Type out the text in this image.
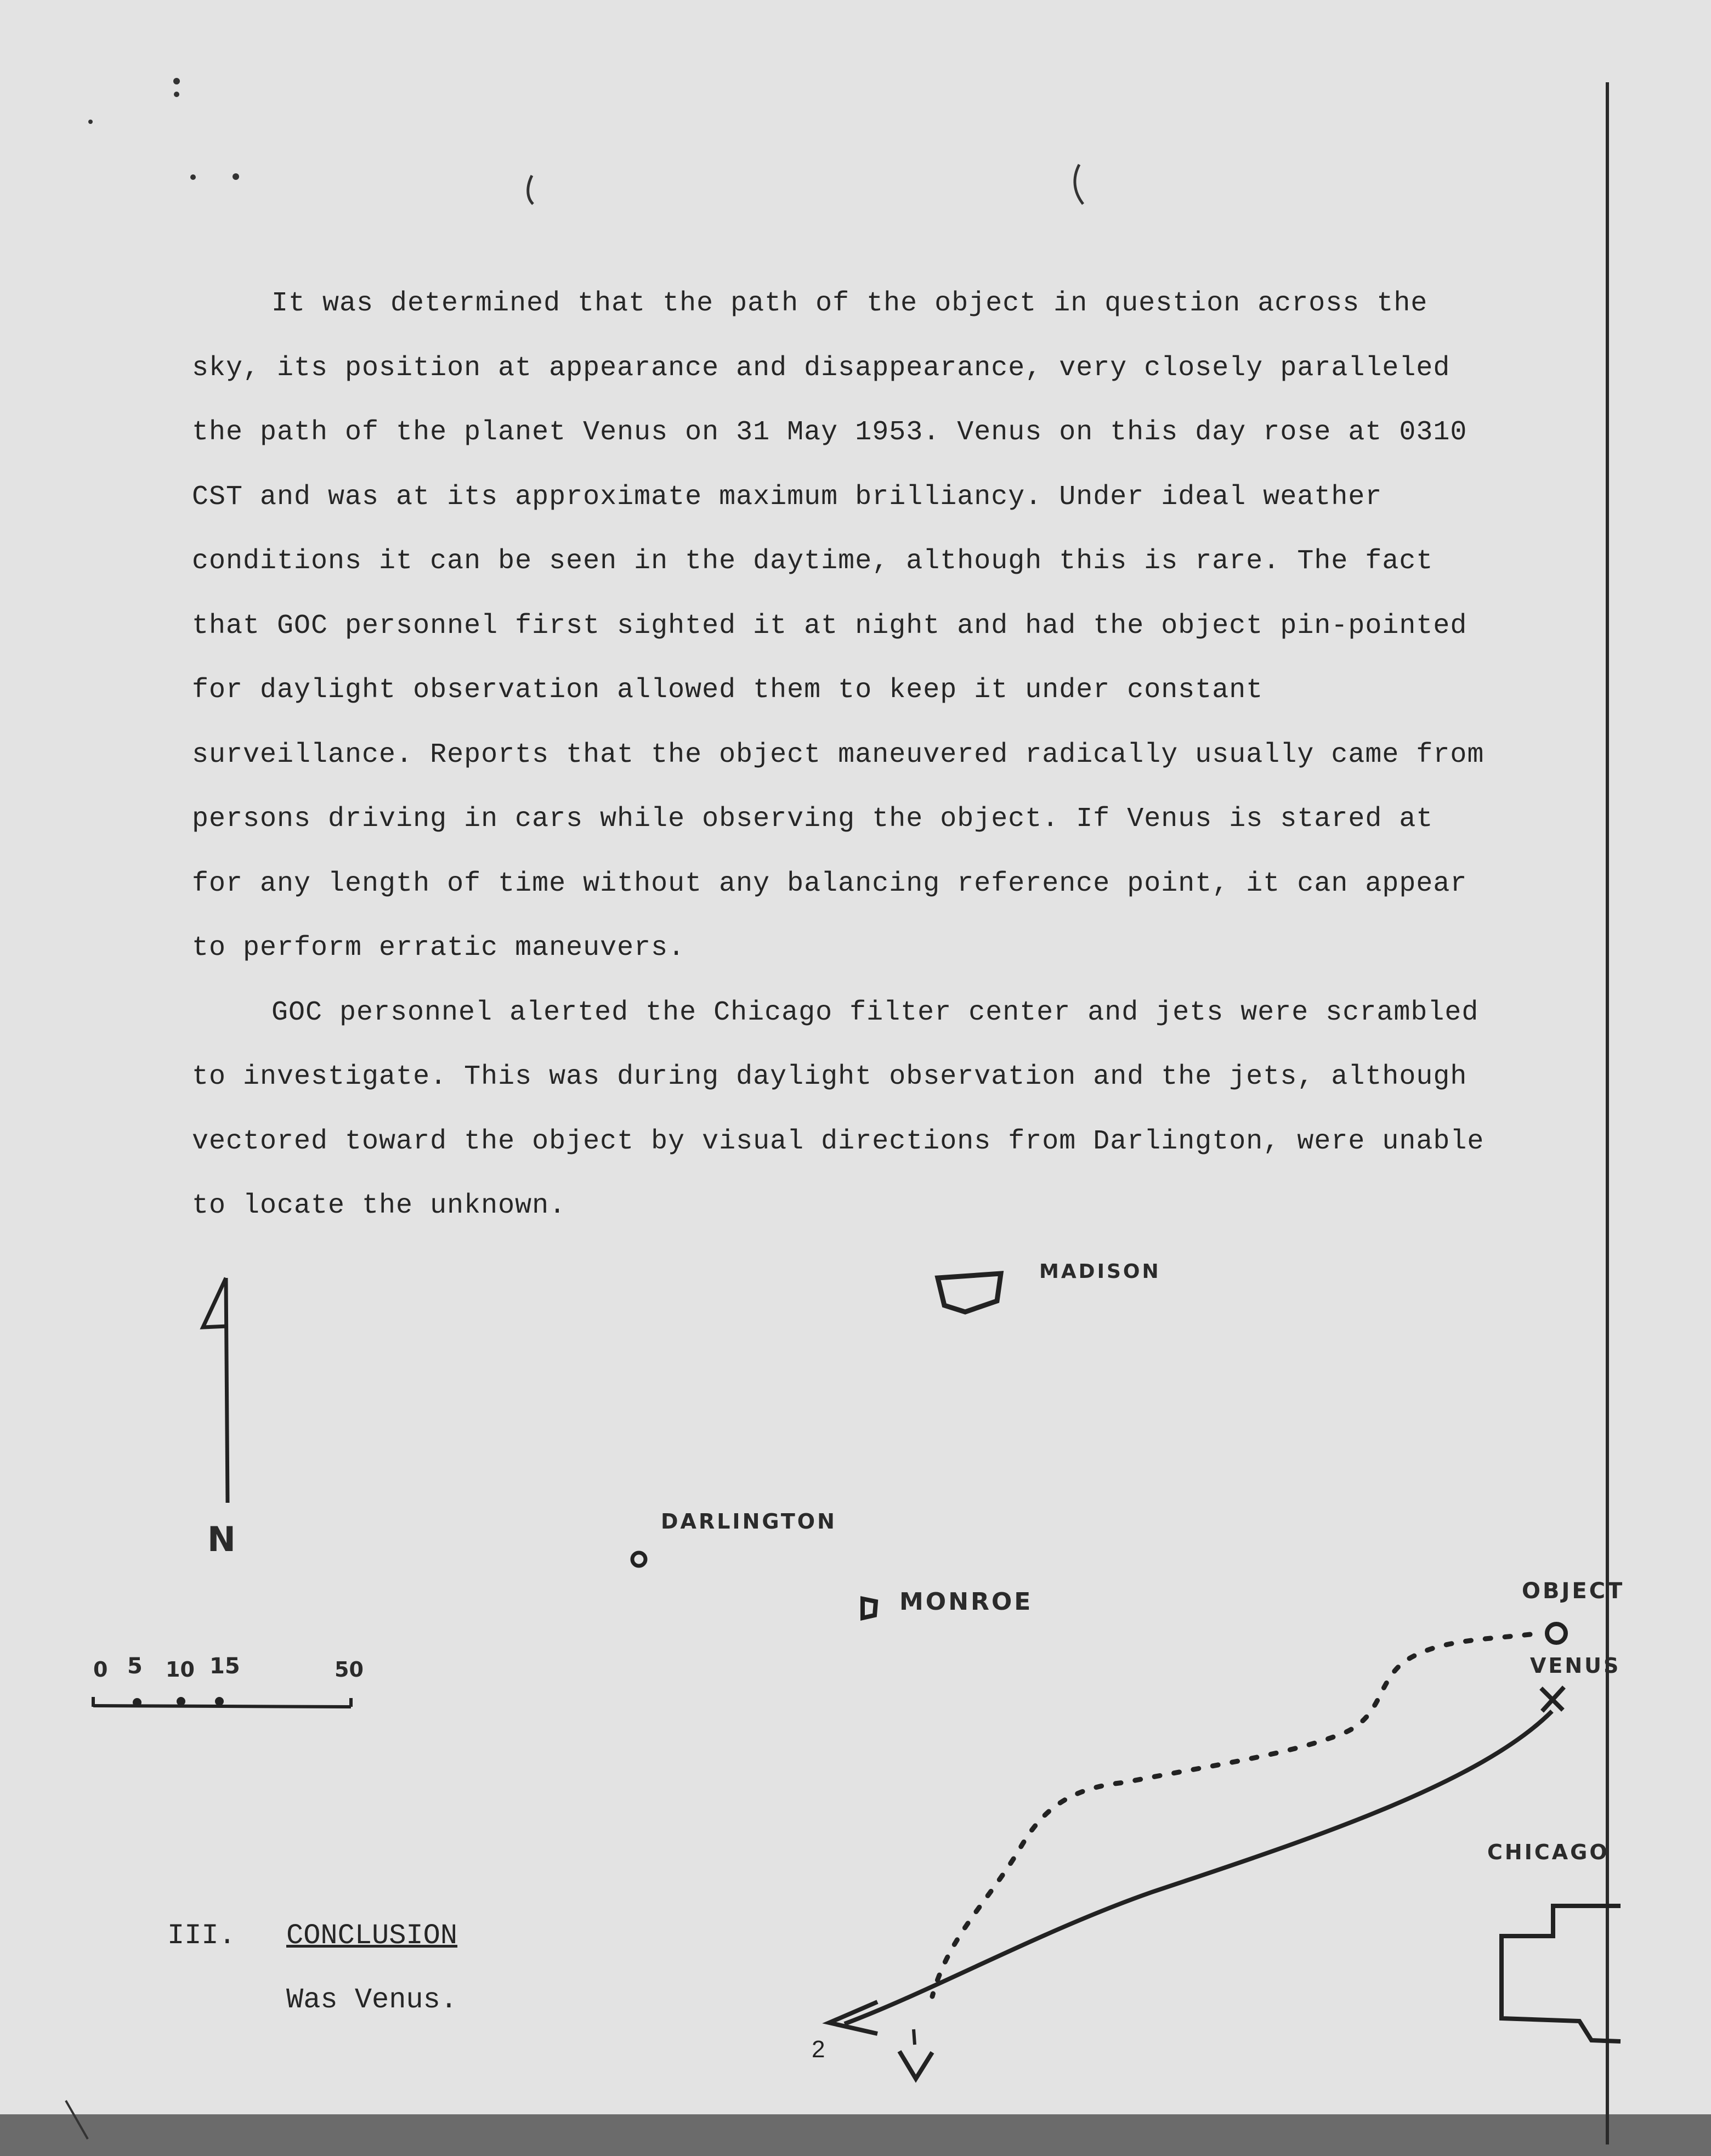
It was determined that the path of the object in question across the sky, its position at appearance and disappearance, very closely paralleled the path of the planet Venus on 31 May 1953. Venus on this day rose at 0310 CST and was at its approximate maximum brilliancy. Under ideal weather conditions it can be seen in the daytime, although this is rare. The fact that GOC personnel first sighted it at night and had the object pin-pointed for daylight observation allowed them to keep it under constant surveillance. Reports that the object maneuvered radically usually came from persons driving in cars while observing the object. If Venus is stared at for any length of time without any balancing reference point, it can appear to perform erratic maneuvers.

GOC personnel alerted the Chicago filter center and jets were scrambled to investigate. This was during daylight observation and the jets, although vectored toward the object by visual directions from Darlington, were unable to locate the unknown.

MADISON
DARLINGTON
MONROE	OBJECT
VENUS
CHICAGO
N
0 5 10 15	50
III. CONCLUSION
Was Venus.
2
